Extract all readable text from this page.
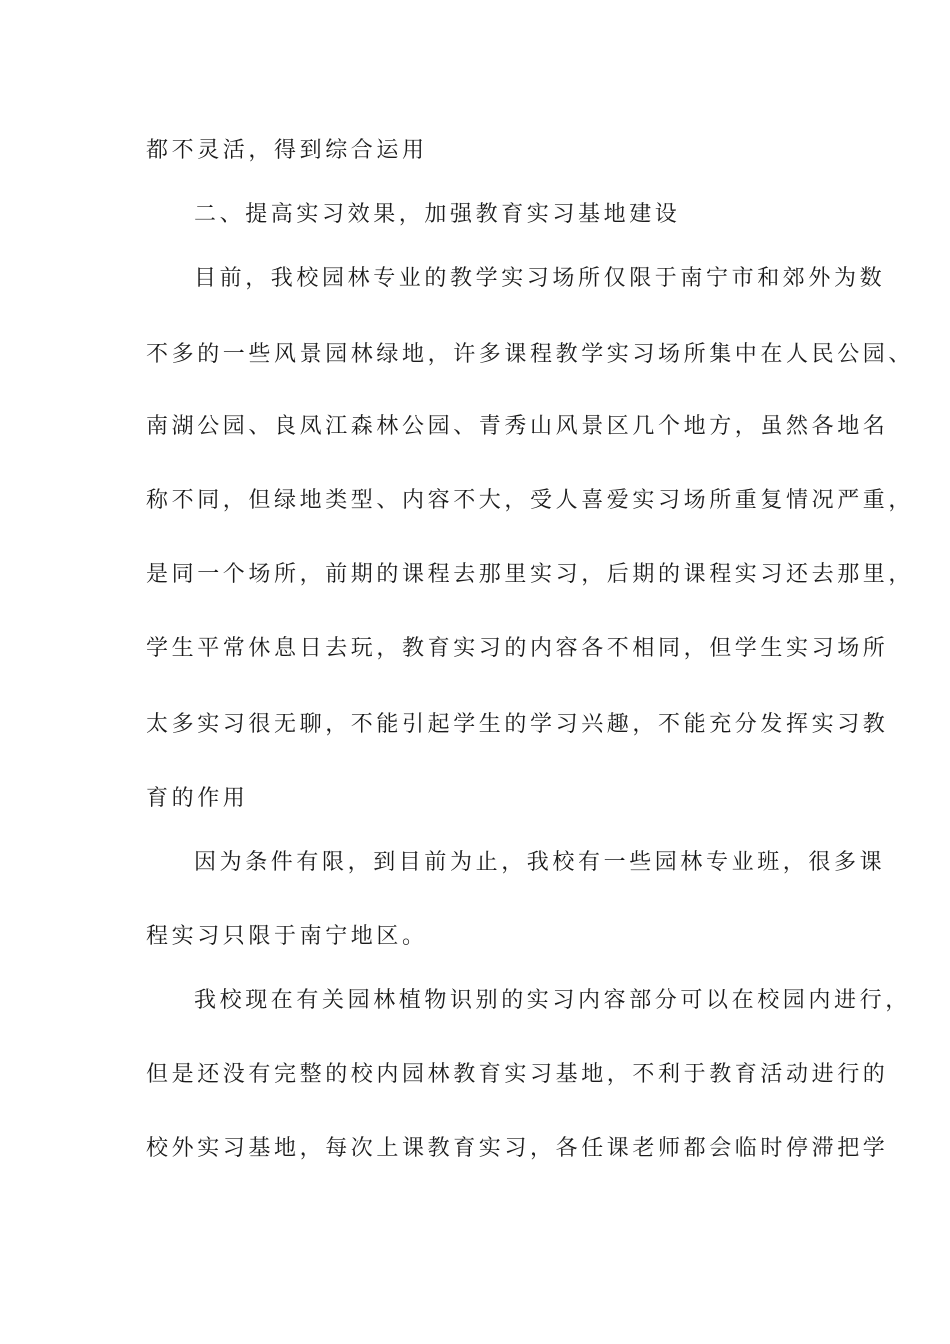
都不灵活，得到综合运用
二、提高实习效果，加强教育实习基地建设
目前，我校园林专业的教学实习场所仅限于南宁市和郊外为数
不多的一些风景园林绿地，许多课程教学实习场所集中在人民公园、
南湖公园、良凤江森林公园、青秀山风景区几个地方，虽然各地名
称不同，但绿地类型、内容不大，受人喜爱实习场所重复情况严重，
是同一个场所，前期的课程去那里实习，后期的课程实习还去那里，
学生平常休息日去玩，教育实习的内容各不相同，但学生实习场所
太多实习很无聊，不能引起学生的学习兴趣，不能充分发挥实习教
育的作用
因为条件有限，到目前为止，我校有一些园林专业班，很多课
程实习只限于南宁地区。
我校现在有关园林植物识别的实习内容部分可以在校园内进行，
但是还没有完整的校内园林教育实习基地，不利于教育活动进行的
校外实习基地，每次上课教育实习，各任课老师都会临时停滞把学
